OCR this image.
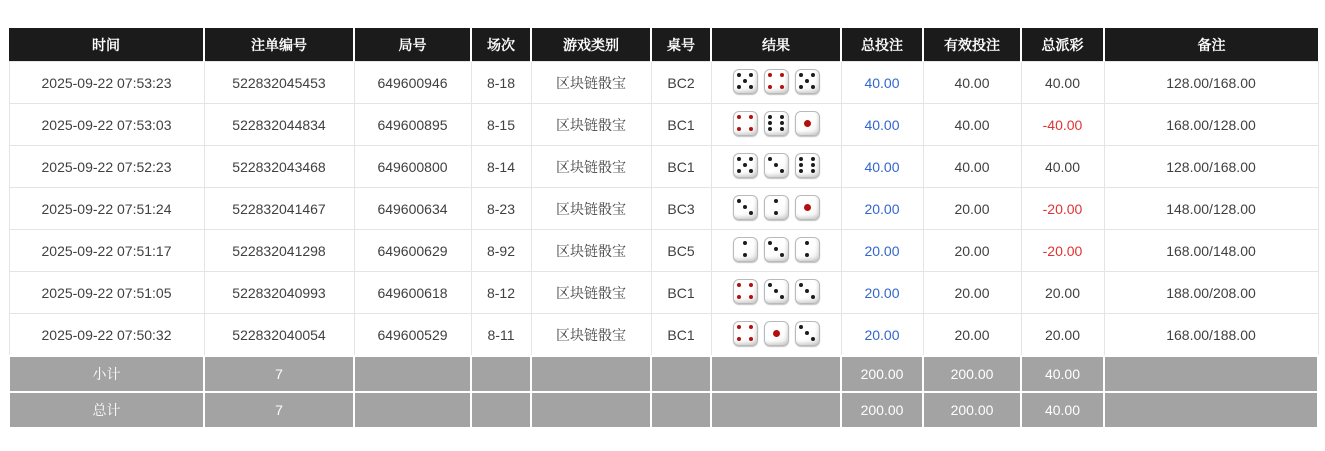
时间	注单编号	局号	场次	游戏类别	桌号	结果	总投注	有效投注	总派彩	备注
2025-09-22 07:53:23	522832045453	649600946	8-18	区块链骰宝	BC2		40.00	40.00	40.00	128.00/168.00
2025-09-22 07:53:03	522832044834	649600895	8-15	区块链骰宝	BC1		40.00	40.00	-40.00	168.00/128.00
2025-09-22 07:52:23	522832043468	649600800	8-14	区块链骰宝	BC1		40.00	40.00	40.00	128.00/168.00
2025-09-22 07:51:24	522832041467	649600634	8-23	区块链骰宝	BC3		20.00	20.00	-20.00	148.00/128.00
2025-09-22 07:51:17	522832041298	649600629	8-92	区块链骰宝	BC5		20.00	20.00	-20.00	168.00/148.00
2025-09-22 07:51:05	522832040993	649600618	8-12	区块链骰宝	BC1		20.00	20.00	20.00	188.00/208.00
2025-09-22 07:50:32	522832040054	649600529	8-11	区块链骰宝	BC1		20.00	20.00	20.00	168.00/188.00
小计	7						200.00	200.00	40.00	
总计	7						200.00	200.00	40.00	
